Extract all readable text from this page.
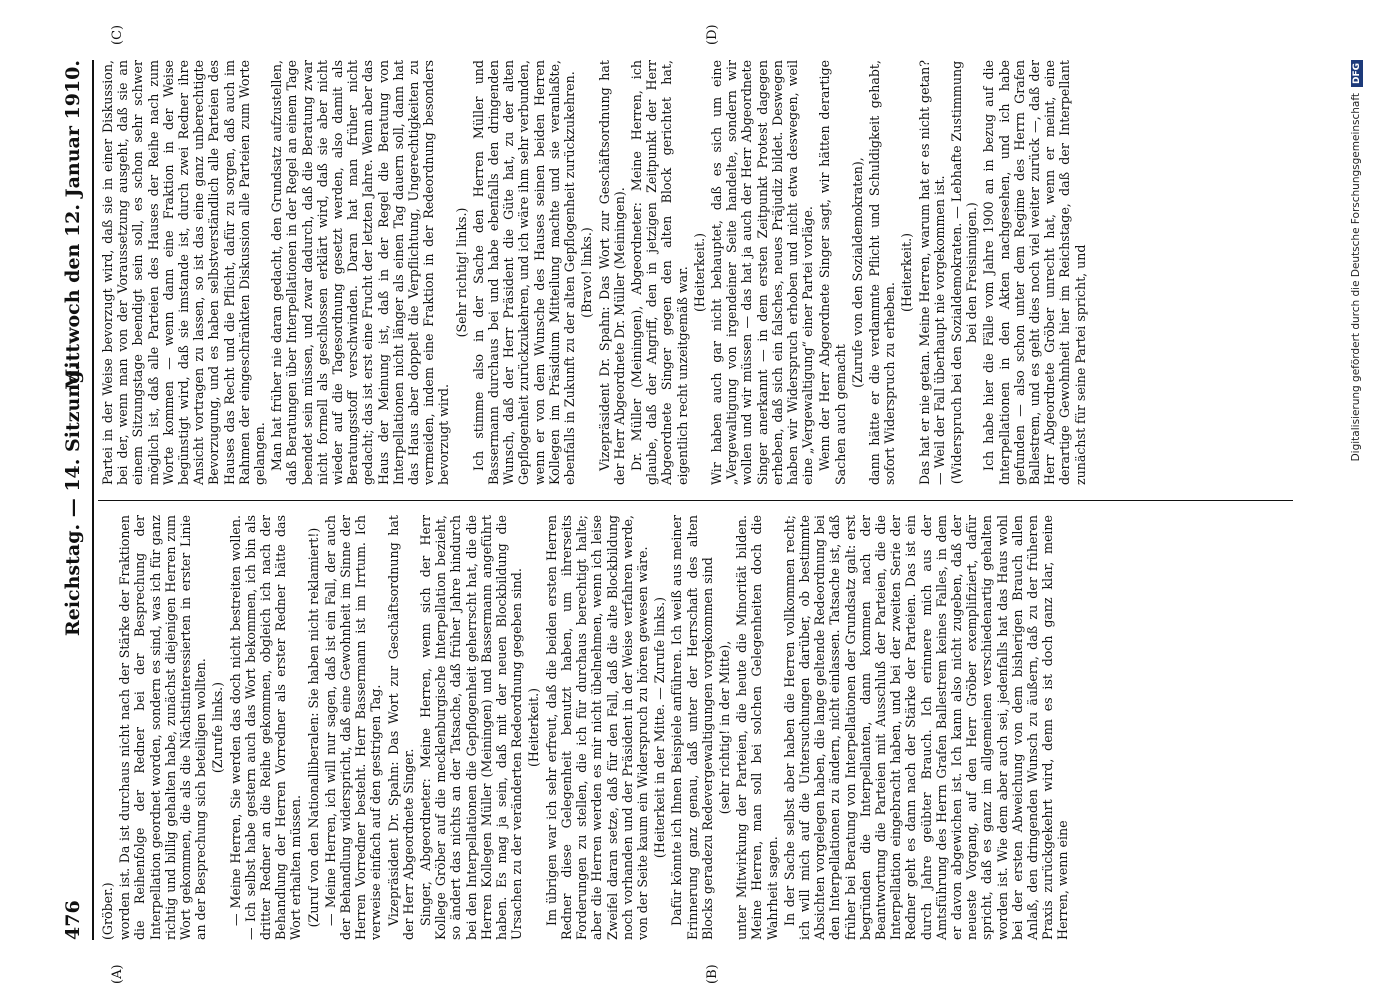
476
Reichstag. — 14. Sitzung.
Mittwoch den 12. Januar 1910.
(A)	(B)
(C)	(D)

(Gröber.) worden ist. Da ist durchaus nicht nach der Stärke der Fraktionen die Reihenfolge der Redner bei der Besprechung der Interpellation geordnet worden, sondern es sind, was ich für ganz richtig und billig gehalten habe, zunächst diejenigen Herren zum Wort gekommen, die als die Nächstinteressierten in erster Linie an der Besprechung sich beteiligen wollten. (Zurufe links.) — Meine Herren, Sie werden das doch nicht bestreiten wollen. — Ich selbst habe gestern auch das Wort bekommen, ich bin als dritter Redner an die Reihe gekommen, obgleich ich nach der Behandlung der Herren Vorredner als erster Redner hätte das Wort erhalten müssen. (Zuruf von den Nationalliberalen: Sie haben nicht reklamiert!) — Meine Herren, ich will nur sagen, daß ist ein Fall, der auch der Behandlung widerspricht, daß eine Gewohnheit im Sinne der Herren Vorredner besteht. Herr Bassermann ist im Irrtum. Ich verweise einfach auf den gestrigen Tag. Vizepräsident Dr. Spahn: Das Wort zur Geschäftsordnung hat der Herr Abgeordnete Singer. Singer, Abgeordneter: Meine Herren, wenn sich der Herr Kollege Gröber auf die mecklenburgische Interpellation bezieht, so ändert das nichts an der Tatsache, daß früher Jahre hindurch bei den Interpellationen die Gepflogenheit geherrscht hat, die die Herren Kollegen Müller (Meiningen) und Bassermann angeführt haben. Es mag ja sein, daß mit der neuen Blockbildung die Ursachen zu der veränderten Redeordnung gegeben sind. (Heiterkeit.) Im übrigen war ich sehr erfreut, daß die beiden ersten Herren Redner diese Gelegenheit benutzt haben, um ihrerseits Forderungen zu stellen, die ich für durchaus berechtigt halte; aber die Herren werden es mir nicht übelnehmen, wenn ich leise Zweifel daran setze, daß für den Fall, daß die alte Blockbildung noch vorhanden und der Präsident in der Weise verfahren werde, von der Seite kaum ein Widerspruch zu hören gewesen wäre. (Heiterkeit in der Mitte. — Zurufe links.) Dafür könnte ich Ihnen Beispiele anführen. Ich weiß aus meiner Erinnerung ganz genau, daß unter der Herrschaft des alten Blocks geradezu Redevergewaltigungen vorgekommen sind (sehr richtig! in der Mitte), unter Mitwirkung der Parteien, die heute die Minorität bilden. Meine Herren, man soll bei solchen Gelegenheiten doch die Wahrheit sagen. In der Sache selbst aber haben die Herren vollkommen recht; ich will mich auf die Untersuchungen darüber, ob bestimmte Absichten vorgelegen haben, die lange geltende Redeordnung bei den Interpellationen zu ändern, nicht einlassen. Tatsache ist, daß früher bei Beratung von Interpellationen der Grundsatz galt: erst begründen die Interpellanten, dann kommen nach der Beantwortung die Parteien mit Ausschluß der Parteien, die die Interpellation eingebracht haben, und bei der zweiten Serie der Redner geht es dann nach der Stärke der Parteien. Das ist ein durch Jahre geübter Brauch. Ich erinnere mich aus der Amtsführung des Herrn Grafen Ballestrem keines Falles, in dem er davon abgewichen ist. Ich kann also nicht zugeben, daß der neueste Vorgang, auf den Herr Gröber exemplifiziert, dafür spricht, daß es ganz im allgemeinen verschiedenartig gehalten worden ist. Wie dem aber auch sei, jedenfalls hat das Haus wohl bei der ersten Abweichung von dem bisherigen Brauch allen Anlaß, den dringenden Wunsch zu äußern, daß zu der früheren Praxis zurückgekehrt wird, denn es ist doch ganz klar, meine Herren, wenn eine

Partei in der Weise bevorzugt wird, daß sie in einer Diskussion, bei der, wenn man von der Voraussetzung ausgeht, daß sie an einem Sitzungstage beendigt sein soll, es schon sehr schwer möglich ist, daß alle Parteien des Hauses der Reihe nach zum Worte kommen — wenn dann eine Fraktion in der Weise begünstigt wird, daß sie imstande ist, durch zwei Redner ihre Ansicht vortragen zu lassen, so ist das eine ganz unberechtigte Bevorzugung, und es haben selbstverständlich alle Parteien des Hauses das Recht und die Pflicht, dafür zu sorgen, daß auch im Rahmen der eingeschränkten Diskussion alle Parteien zum Worte gelangen. Man hat früher nie daran gedacht, den Grundsatz aufzustellen, daß Beratungen über Interpellationen in der Regel an einem Tage beendet sein müssen, und zwar dadurch, daß die Beratung zwar nicht formell als geschlossen erklärt wird, daß sie aber nicht wieder auf die Tagesordnung gesetzt werden, also damit als Beratungsstoff verschwinden. Daran hat man früher nicht gedacht; das ist erst eine Frucht der letzten Jahre. Wenn aber das Haus der Meinung ist, daß in der Regel die Beratung von Interpellationen nicht länger als einen Tag dauern soll, dann hat das Haus aber doppelt die Verpflichtung, Ungerechtigkeiten zu vermeiden, indem eine Fraktion in der Redeordnung besonders bevorzugt wird.

(Sehr richtig! links.) Ich stimme also in der Sache den Herren Müller und Bassermann durchaus bei und habe ebenfalls den dringenden Wunsch, daß der Herr Präsident die Güte hat, zu der alten Gepflogenheit zurückzukehren, und ich wäre ihm sehr verbunden, wenn er von dem Wunsche des Hauses seinen beiden Herren Kollegen im Präsidium Mitteilung machte und sie veranlaßte, ebenfalls in Zukunft zu der alten Gepflogenheit zurückzukehren. (Bravo! links.) Vizepräsident Dr. Spahn: Das Wort zur Geschäftsordnung hat der Herr Abgeordnete Dr. Müller (Meiningen). Dr. Müller (Meiningen), Abgeordneter: Meine Herren, ich glaube, daß der Angriff, den in jetzigen Zeitpunkt der Herr Abgeordnete Singer gegen den alten Block gerichtet hat, eigentlich recht unzeitgemäß war. (Heiterkeit.) Wir haben auch gar nicht behauptet, daß es sich um eine „Vergewaltigung von irgendeiner Seite handelte, sondern wir wollen und wir müssen — das hat ja auch der Herr Abgeordnete Singer anerkannt — in dem ersten Zeitpunkt Protest dagegen erheben, daß sich ein falsches, neues Präjudiz bildet. Deswegen haben wir Widerspruch erhoben und nicht etwa deswegen, weil eine „Vergewaltigung“ einer Partei vorläge. Wenn der Herr Abgeordnete Singer sagt, wir hätten derartige Sachen auch gemacht

(Zurufe von den Sozialdemokraten), dann hätte er die verdammte Pflicht und Schuldigkeit gehabt, sofort Widerspruch zu erheben.

(Heiterkeit.) Das hat er nie getan. Meine Herren, warum hat er es nicht getan? — Weil der Fall überhaupt nie vorgekommen ist. (Widerspruch bei den Sozialdemokraten. — Lebhafte Zustimmung bei den Freisinnigen.) Ich habe hier die Fälle vom Jahre 1900 an in bezug auf die Interpellationen in den Akten nachgesehen, und ich habe gefunden — also schon unter dem Regime des Herrn Grafen Ballestrem, und es geht dies noch viel weiter zurück —, daß der Herr Abgeordnete Gröber unrecht hat, wenn er meint, eine derartige Gewohnheit hier im Reichstage, daß der Interpellant zunächst für seine Partei spricht, und	Digitalisierung gefördert durch die Deutsche ForschungsgemeinschaftDFG
